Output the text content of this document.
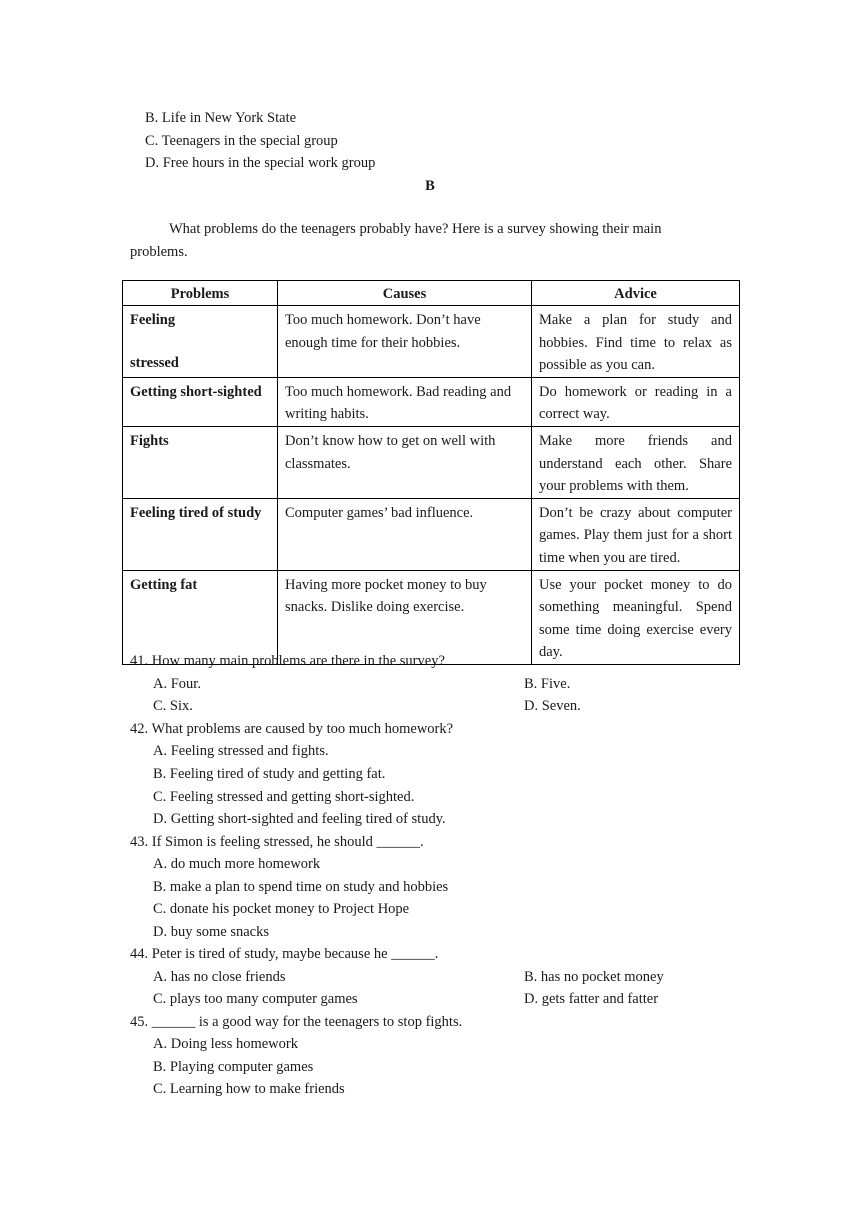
B. Life in New York State
C. Teenagers in the special group
D. Free hours in the special work group
B
What problems do the teenagers probably have? Here is a survey showing their main
problems.
Problems	Causes	Advice
Feeling
stressed	Too much homework. Don’t have enough time for their hobbies.	Make a plan for study and hobbies. Find time to relax as possible as you can.
Getting short-sighted	Too much homework. Bad reading and writing habits.	Do homework or reading in a correct way.
Fights	Don’t know how to get on well with classmates.	Make more friends and understand each other. Share your problems with them.
Feeling tired of study	Computer games’ bad influence.	Don’t be crazy about computer games. Play them just for a short time when you are tired.
Getting fat	Having more pocket money to buy snacks. Dislike doing exercise.	Use your pocket money to do something meaningful. Spend some time doing exercise every day.
41. How many main problems are there in the survey?
A. Four.	B. Five.
C. Six.	D. Seven.
42. What problems are caused by too much homework?
A. Feeling stressed and fights.
B. Feeling tired of study and getting fat.
C. Feeling stressed and getting short-sighted.
D. Getting short-sighted and feeling tired of study.
43. If Simon is feeling stressed, he should ______.
A. do much more homework
B. make a plan to spend time on study and hobbies
C. donate his pocket money to Project Hope
D. buy some snacks
44. Peter is tired of study, maybe because he ______.
A. has no close friends	B. has no pocket money
C. plays too many computer games	D. gets fatter and fatter
45. ______ is a good way for the teenagers to stop fights.
A. Doing less homework
B. Playing computer games
C. Learning how to make friends
